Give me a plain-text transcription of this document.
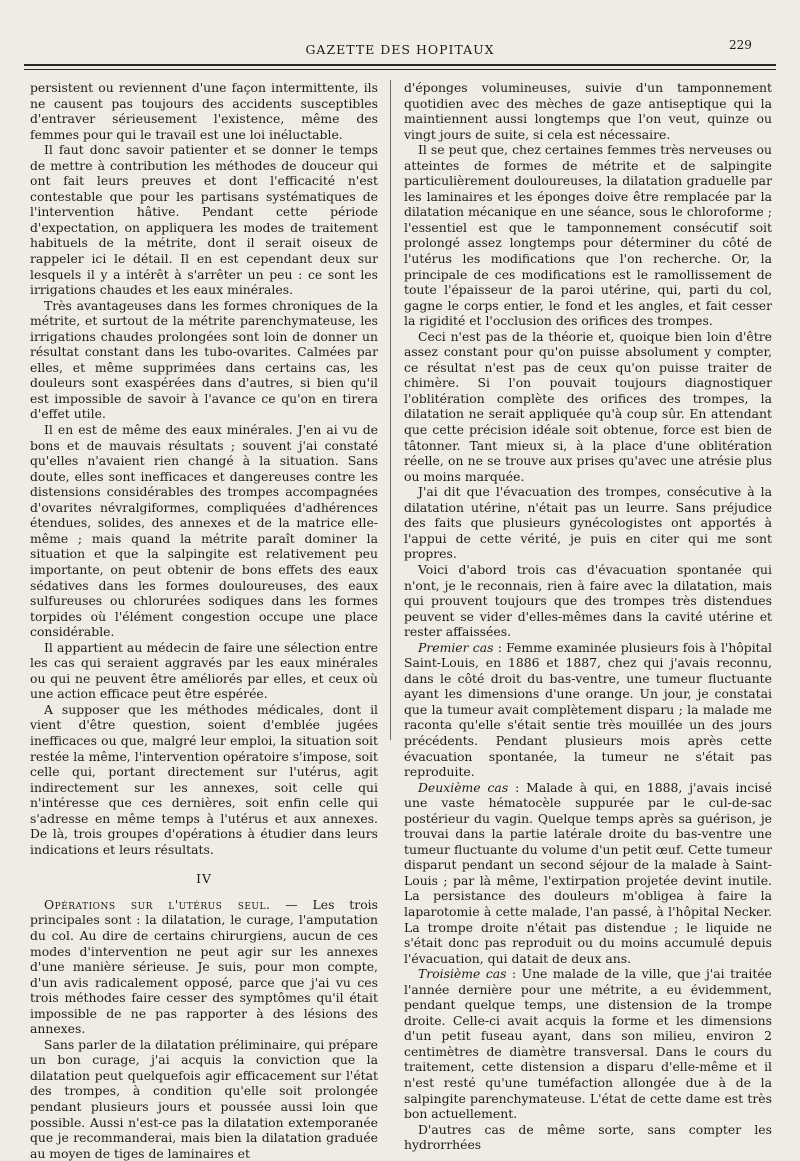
GAZETTE DES HOPITAUX	229

persistent ou reviennent d'une façon intermittente, ils ne causent pas toujours des accidents susceptibles d'entraver sérieusement l'existence, même des femmes pour qui le travail est une loi inéluctable.

Il faut donc savoir patienter et se donner le temps de mettre à contribution les méthodes de douceur qui ont fait leurs preuves et dont l'efficacité n'est contestable que pour les partisans systématiques de l'intervention hâtive. Pendant cette période d'expectation, on appliquera les modes de traitement habituels de la métrite, dont il serait oiseux de rappeler ici le détail. Il en est cependant deux sur lesquels il y a intérêt à s'arrêter un peu : ce sont les irrigations chaudes et les eaux minérales.

Très avantageuses dans les formes chroniques de la métrite, et surtout de la métrite parenchymateuse, les irrigations chaudes prolongées sont loin de donner un résultat constant dans les tubo-ovarites. Calmées par elles, et même supprimées dans certains cas, les douleurs sont exaspérées dans d'autres, si bien qu'il est impossible de savoir à l'avance ce qu'on en tirera d'effet utile.

Il en est de même des eaux minérales. J'en ai vu de bons et de mauvais résultats ; souvent j'ai constaté qu'elles n'avaient rien changé à la situation. Sans doute, elles sont inefficaces et dangereuses contre les distensions considérables des trompes accompagnées d'ovarites névralgiformes, compliquées d'adhérences étendues, solides, des annexes et de la matrice elle-même ; mais quand la métrite paraît dominer la situation et que la salpingite est relativement peu importante, on peut obtenir de bons effets des eaux sédatives dans les formes douloureuses, des eaux sulfureuses ou chlorurées sodiques dans les formes torpides où l'élément congestion occupe une place considérable.

Il appartient au médecin de faire une sélection entre les cas qui seraient aggravés par les eaux minérales ou qui ne peuvent être améliorés par elles, et ceux où une action efficace peut être espérée.

A supposer que les méthodes médicales, dont il vient d'être question, soient d'emblée jugées inefficaces ou que, malgré leur emploi, la situation soit restée la même, l'intervention opératoire s'impose, soit celle qui, portant directement sur l'utérus, agit indirectement sur les annexes, soit celle qui n'intéresse que ces dernières, soit enfin celle qui s'adresse en même temps à l'utérus et aux annexes. De là, trois groupes d'opérations à étudier dans leurs indications et leurs résultats.

IV

Opérations sur l'utérus seul. — Les trois principales sont : la dilatation, le curage, l'amputation du col. Au dire de certains chirurgiens, aucun de ces modes d'intervention ne peut agir sur les annexes d'une manière sérieuse. Je suis, pour mon compte, d'un avis radicalement opposé, parce que j'ai vu ces trois méthodes faire cesser des symptômes qu'il était impossible de ne pas rapporter à des lésions des annexes.

Sans parler de la dilatation préliminaire, qui prépare un bon curage, j'ai acquis la conviction que la dilatation peut quelquefois agir efficacement sur l'état des trompes, à condition qu'elle soit prolongée pendant plusieurs jours et poussée aussi loin que possible. Aussi n'est-ce pas la dilatation extemporanée que je recommanderai, mais bien la dilatation graduée au moyen de tiges de laminaires et

d'éponges volumineuses, suivie d'un tamponnement quotidien avec des mèches de gaze antiseptique qui la maintiennent aussi longtemps que l'on veut, quinze ou vingt jours de suite, si cela est nécessaire.

Il se peut que, chez certaines femmes très nerveuses ou atteintes de formes de métrite et de salpingite particulièrement douloureuses, la dilatation graduelle par les laminaires et les éponges doive être remplacée par la dilatation mécanique en une séance, sous le chloroforme ; l'essentiel est que le tamponnement consécutif soit prolongé assez longtemps pour déterminer du côté de l'utérus les modifications que l'on recherche. Or, la principale de ces modifications est le ramollissement de toute l'épaisseur de la paroi utérine, qui, parti du col, gagne le corps entier, le fond et les angles, et fait cesser la rigidité et l'occlusion des orifices des trompes.

Ceci n'est pas de la théorie et, quoique bien loin d'être assez constant pour qu'on puisse absolument y compter, ce résultat n'est pas de ceux qu'on puisse traiter de chimère. Si l'on pouvait toujours diagnostiquer l'oblitération complète des orifices des trompes, la dilatation ne serait appliquée qu'à coup sûr. En attendant que cette précision idéale soit obtenue, force est bien de tâtonner. Tant mieux si, à la place d'une oblitération réelle, on ne se trouve aux prises qu'avec une atrésie plus ou moins marquée.

J'ai dit que l'évacuation des trompes, consécutive à la dilatation utérine, n'était pas un leurre. Sans préjudice des faits que plusieurs gynécologistes ont apportés à l'appui de cette vérité, je puis en citer qui me sont propres.

Voici d'abord trois cas d'évacuation spontanée qui n'ont, je le reconnais, rien à faire avec la dilatation, mais qui prouvent toujours que des trompes très distendues peuvent se vider d'elles-mêmes dans la cavité utérine et rester affaissées.

Premier cas : Femme examinée plusieurs fois à l'hôpital Saint-Louis, en 1886 et 1887, chez qui j'avais reconnu, dans le côté droit du bas-ventre, une tumeur fluctuante ayant les dimensions d'une orange. Un jour, je constatai que la tumeur avait complètement disparu ; la malade me raconta qu'elle s'était sentie très mouillée un des jours précédents. Pendant plusieurs mois après cette évacuation spontanée, la tumeur ne s'était pas reproduite.

Deuxième cas : Malade à qui, en 1888, j'avais incisé une vaste hématocèle suppurée par le cul-de-sac postérieur du vagin. Quelque temps après sa guérison, je trouvai dans la partie latérale droite du bas-ventre une tumeur fluctuante du volume d'un petit œuf. Cette tumeur disparut pendant un second séjour de la malade à Saint-Louis ; par là même, l'extirpation projetée devint inutile. La persistance des douleurs m'obligea à faire la laparotomie à cette malade, l'an passé, à l'hôpital Necker. La trompe droite n'était pas distendue ; le liquide ne s'était donc pas reproduit ou du moins accumulé depuis l'évacuation, qui datait de deux ans.

Troisième cas : Une malade de la ville, que j'ai traitée l'année dernière pour une métrite, a eu évidemment, pendant quelque temps, une distension de la trompe droite. Celle-ci avait acquis la forme et les dimensions d'un petit fuseau ayant, dans son milieu, environ 2 centimètres de diamètre transversal. Dans le cours du traitement, cette distension a disparu d'elle-même et il n'est resté qu'une tuméfaction allongée due à de la salpingite parenchymateuse. L'état de cette dame est très bon actuellement.

D'autres cas de même sorte, sans compter les hydrorrhées
